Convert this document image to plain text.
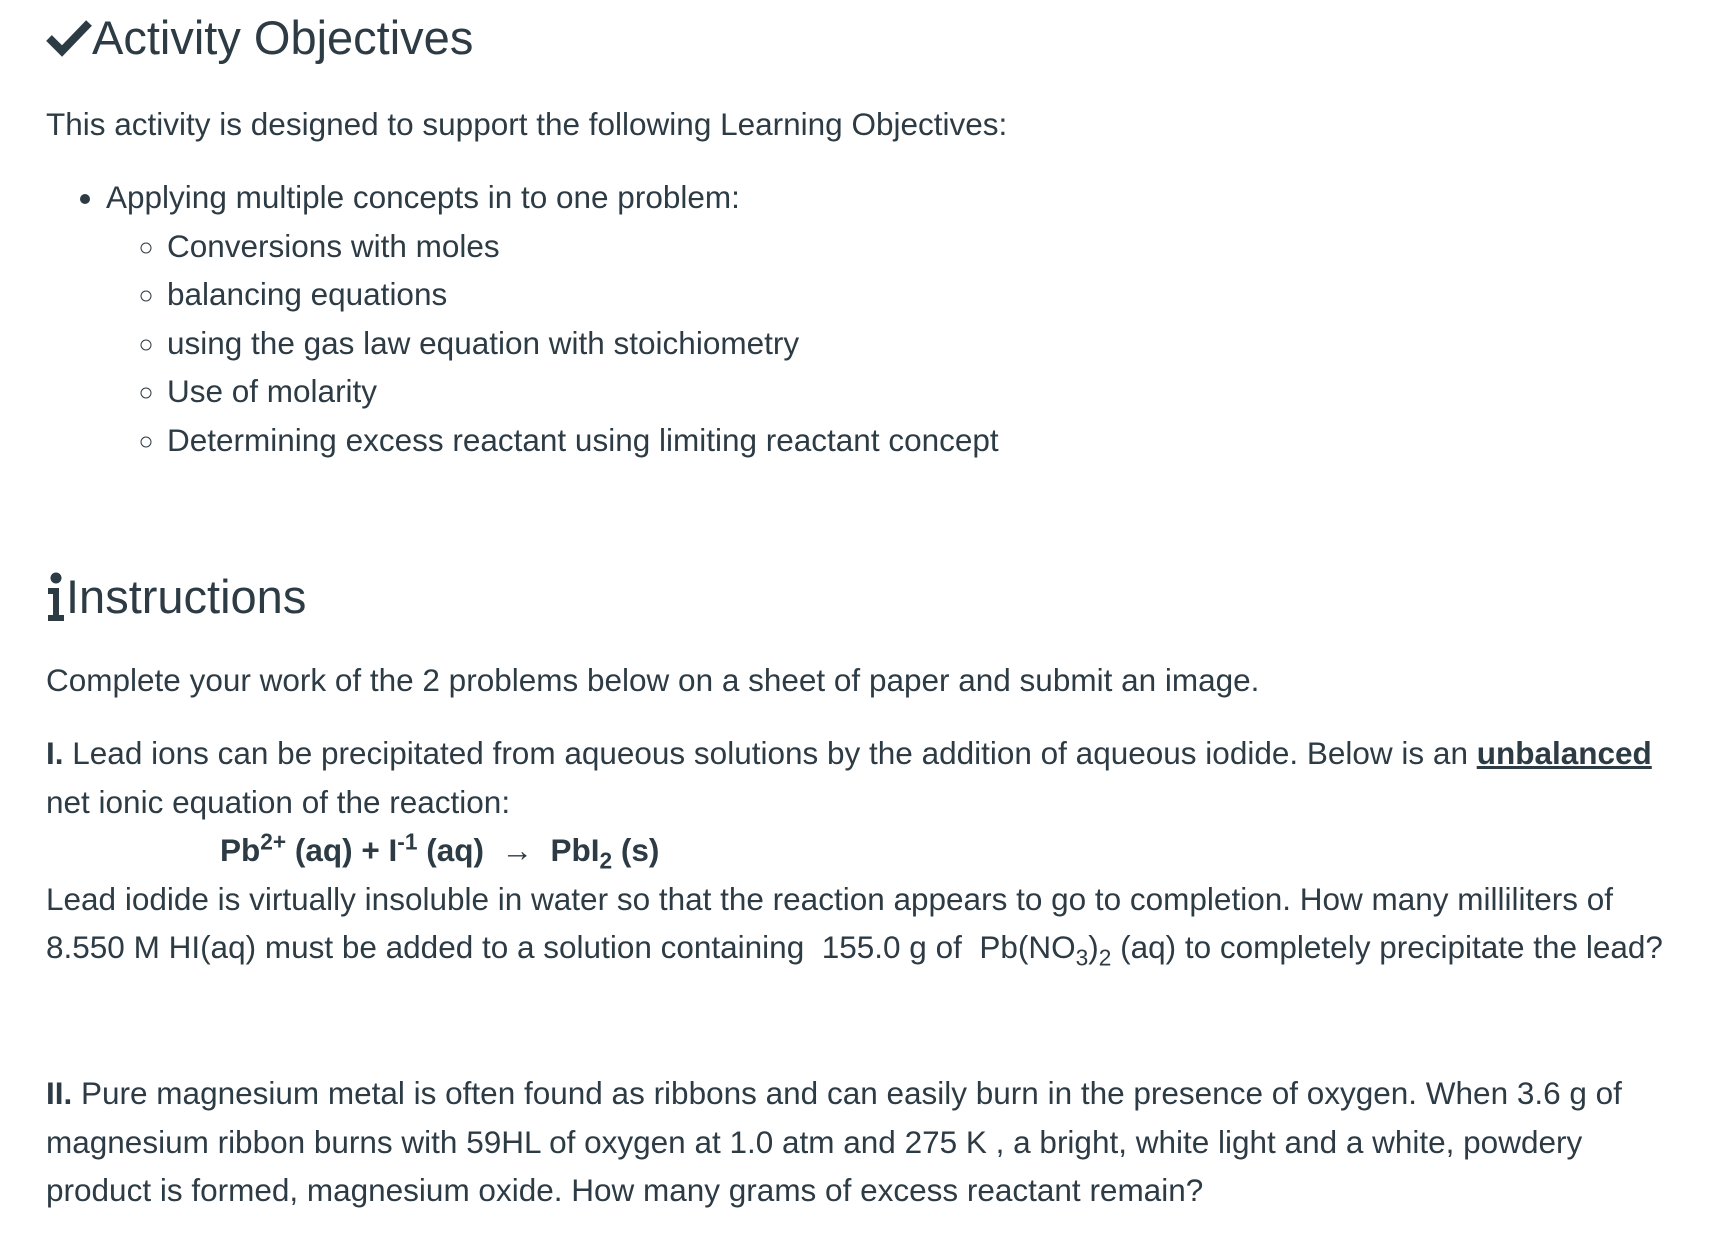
Activity Objectives

This activity is designed to support the following Learning Objectives:

• Applying multiple concepts in to one problem:
◦ Conversions with moles
◦ balancing equations
◦ using the gas law equation with stoichiometry
◦ Use of molarity
◦ Determining excess reactant using limiting reactant concept
Instructions

Complete your work of the 2 problems below on a sheet of paper and submit an image.

I. Lead ions can be precipitated from aqueous solutions by the addition of aqueous iodide. Below is an unbalanced net ionic equation of the reaction:

$Pb^{2+}$ $(aq) + I^{-1}$ (aq)  →  PbI$_2$ (s)

Lead iodide is virtually insoluble in water so that the reaction appears to go to completion. How many milliliters of 8.550 M HI(aq) must be added to a solution containing  155.0 g of  $Pb(NO_3)_2$ (aq) to completely precipitate the lead?

II. Pure magnesium metal is often found as ribbons and can easily burn in the presence of oxygen. When 3.6 g of magnesium ribbon burns with 59HL of oxygen at 1.0 atm and 275 K , a bright, white light and a white, powdery product is formed, magnesium oxide. How many grams of excess reactant remain?
